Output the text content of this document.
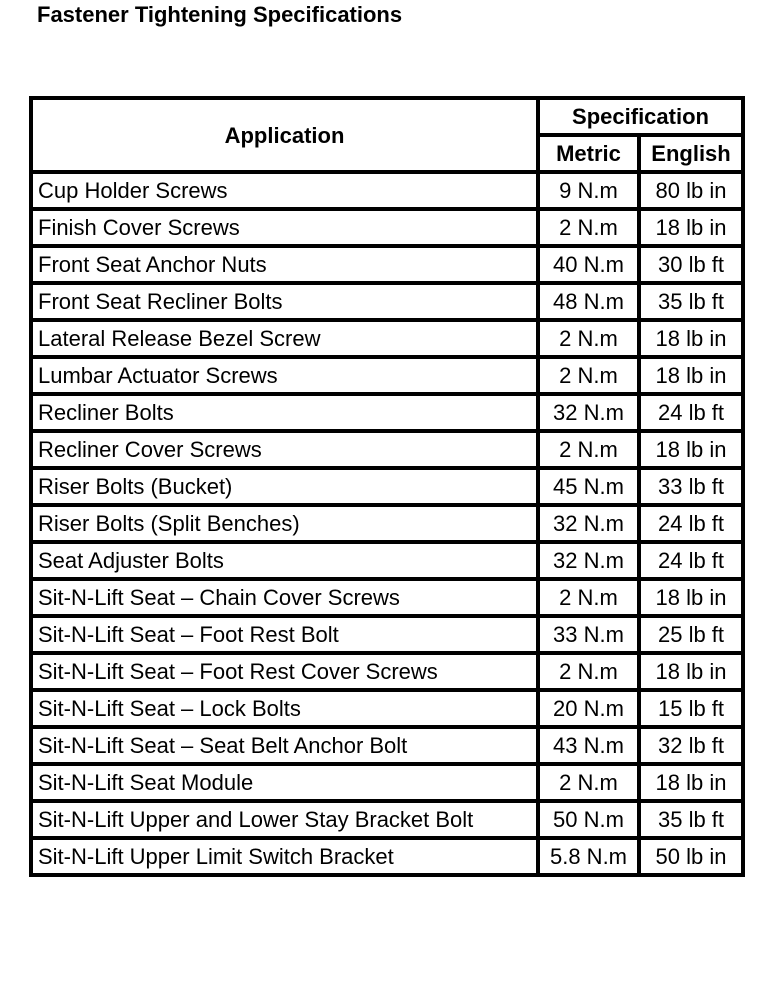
Fastener Tightening Specifications
Application	Specification	
	Metric	English
Cup Holder Screws	9 N.m	80 lb in
Finish Cover Screws	2 N.m	18 lb in
Front Seat Anchor Nuts	40 N.m	30 lb ft
Front Seat Recliner Bolts	48 N.m	35 lb ft
Lateral Release Bezel Screw	2 N.m	18 lb in
Lumbar Actuator Screws	2 N.m	18 lb in
Recliner Bolts	32 N.m	24 lb ft
Recliner Cover Screws	2 N.m	18 lb in
Riser Bolts (Bucket)	45 N.m	33 lb ft
Riser Bolts (Split Benches)	32 N.m	24 lb ft
Seat Adjuster Bolts	32 N.m	24 lb ft
Sit-N-Lift Seat – Chain Cover Screws	2 N.m	18 lb in
Sit-N-Lift Seat – Foot Rest Bolt	33 N.m	25 lb ft
Sit-N-Lift Seat – Foot Rest Cover Screws	2 N.m	18 lb in
Sit-N-Lift Seat – Lock Bolts	20 N.m	15 lb ft
Sit-N-Lift Seat – Seat Belt Anchor Bolt	43 N.m	32 lb ft
Sit-N-Lift Seat Module	2 N.m	18 lb in
Sit-N-Lift Upper and Lower Stay Bracket Bolt	50 N.m	35 lb ft
Sit-N-Lift Upper Limit Switch Bracket	5.8 N.m	50 lb in
